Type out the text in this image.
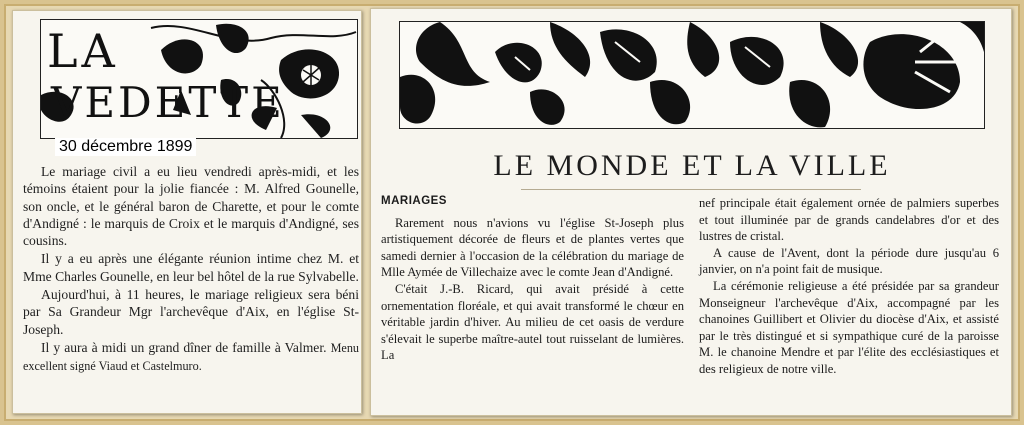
LA
VEDETTE
30 décembre 1899

Le mariage civil a eu lieu vendredi après-midi, et les témoins étaient pour la jolie fiancée : M. Alfred Gounelle, son oncle, et le général baron de Charette, et pour le comte d'Andigné : le marquis de Croix et le marquis d'Andigné, ses cousins.

Il y a eu après une élégante réunion intime chez M. et Mme Charles Gounelle, en leur bel hôtel de la rue Sylvabelle.

Aujourd'hui, à 11 heures, le mariage religieux sera béni par Sa Grandeur Mgr l'archevêque d'Aix, en l'église St-Joseph.

Il y aura à midi un grand dîner de famille à Valmer. Menu excellent signé Viaud et Castelmuro.

LE MONDE ET LA VILLE
MARIAGES

Rarement nous n'avions vu l'église St-Joseph plus artistiquement décorée de fleurs et de plantes vertes que samedi dernier à l'occasion de la célébration du mariage de Mlle Aymée de Villechaize avec le comte Jean d'Andigné.

C'était J.-B. Ricard, qui avait présidé à cette ornementation floréale, et qui avait transformé le chœur en véritable jardin d'hiver. Au milieu de cet oasis de verdure s'élevait le superbe maître-autel tout ruisselant de lumières. La

nef principale était également ornée de palmiers superbes et tout illuminée par de grands candelabres d'or et des lustres de cristal.

A cause de l'Avent, dont la période dure jusqu'au 6 janvier, on n'a point fait de musique.

La cérémonie religieuse a été présidée par sa grandeur Monseigneur l'archevêque d'Aix, accompagné par les chanoines Guillibert et Olivier du diocèse d'Aix, et assisté par le très distingué et si sympathique curé de la paroisse M. le chanoine Mendre et par l'élite des ecclésiastiques et des religieux de notre ville.
